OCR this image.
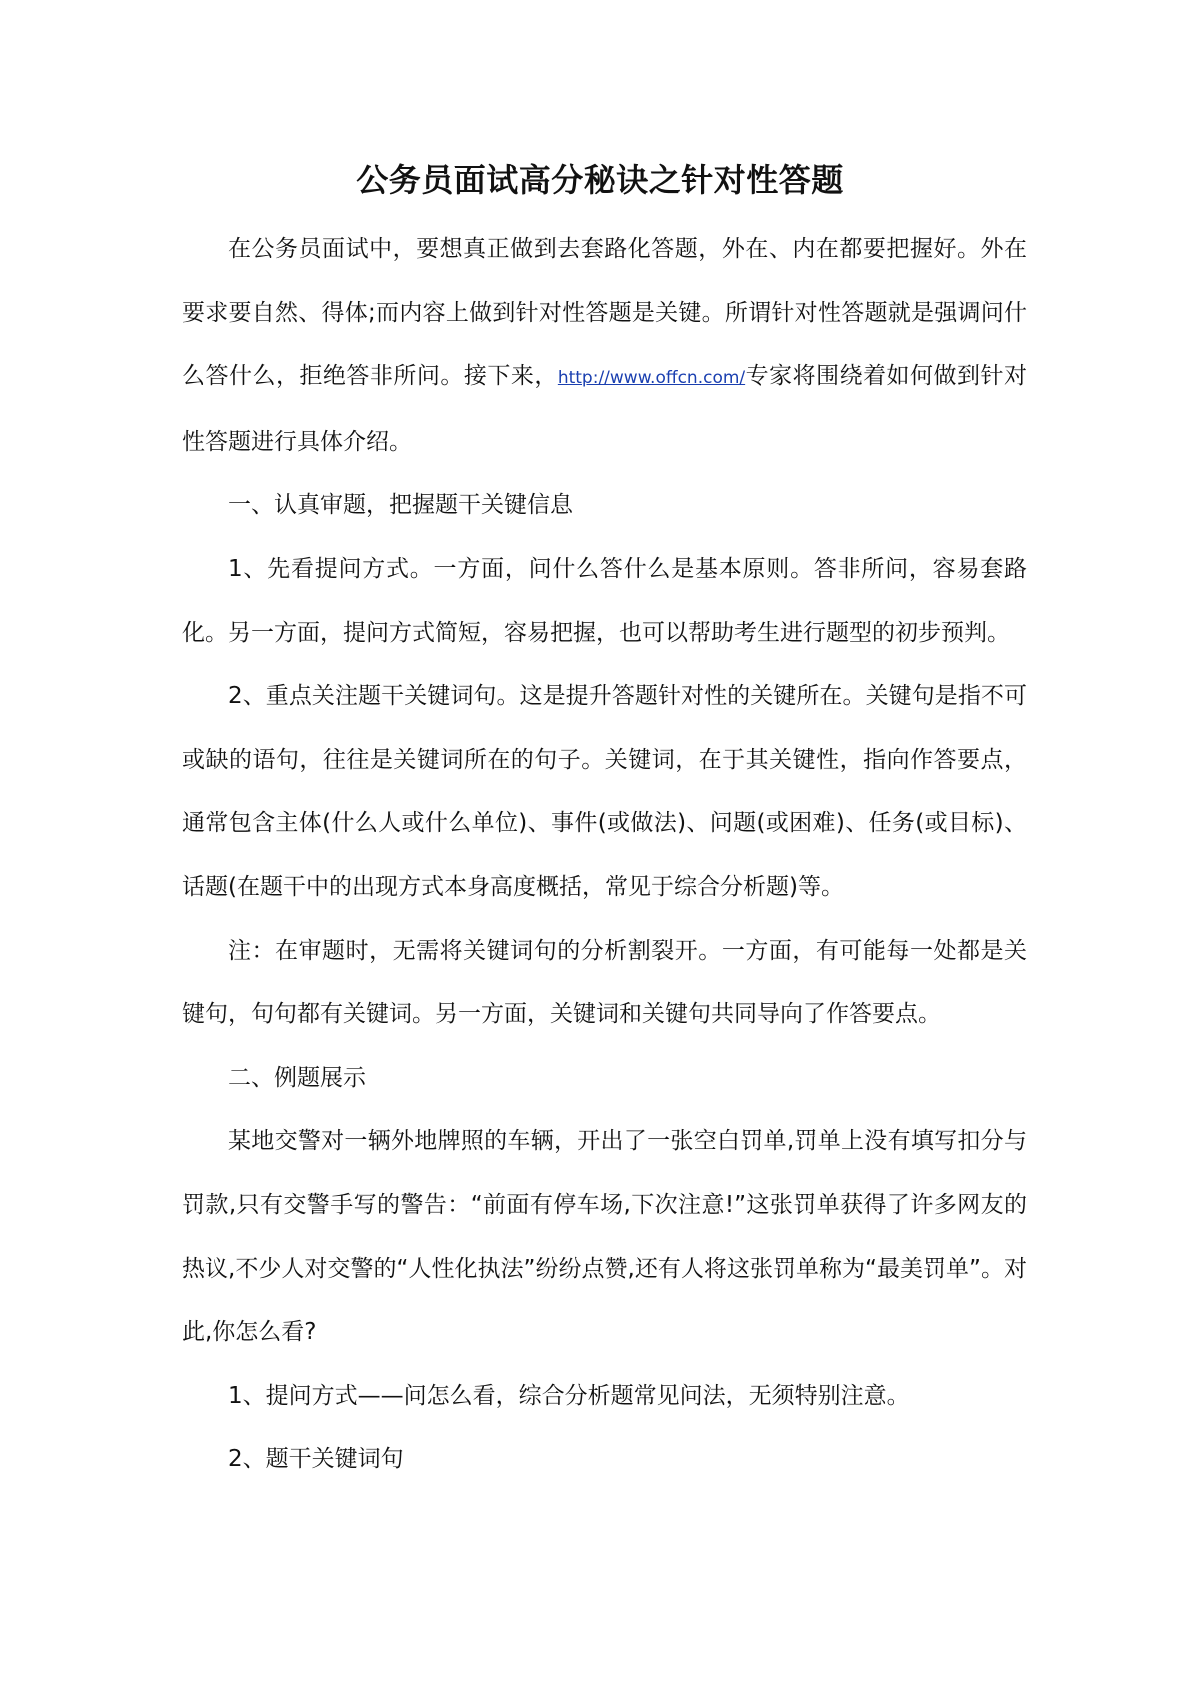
公务员面试高分秘诀之针对性答题

在公务员面试中，要想真正做到去套路化答题，外在、内在都要把握好。外在要求要自然、得体;而内容上做到针对性答题是关键。所谓针对性答题就是强调问什么答什么，拒绝答非所问。接下来，http://www.offcn.com/专家将围绕着如何做到针对性答题进行具体介绍。

一、认真审题，把握题干关键信息

1、先看提问方式。一方面，问什么答什么是基本原则。答非所问，容易套路化。另一方面，提问方式简短，容易把握，也可以帮助考生进行题型的初步预判。

2、重点关注题干关键词句。这是提升答题针对性的关键所在。关键句是指不可或缺的语句，往往是关键词所在的句子。关键词，在于其关键性，指向作答要点，通常包含主体(什么人或什么单位)、事件(或做法)、问题(或困难)、任务(或目标)、话题(在题干中的出现方式本身高度概括，常见于综合分析题)等。

注：在审题时，无需将关键词句的分析割裂开。一方面，有可能每一处都是关键句，句句都有关键词。另一方面，关键词和关键句共同导向了作答要点。

二、例题展示

某地交警对一辆外地牌照的车辆，开出了一张空白罚单,罚单上没有填写扣分与罚款,只有交警手写的警告：“前面有停车场,下次注意!”这张罚单获得了许多网友的热议,不少人对交警的“人性化执法”纷纷点赞,还有人将这张罚单称为“最美罚单”。对此,你怎么看?

1、提问方式——问怎么看，综合分析题常见问法，无须特别注意。

2、题干关键词句
